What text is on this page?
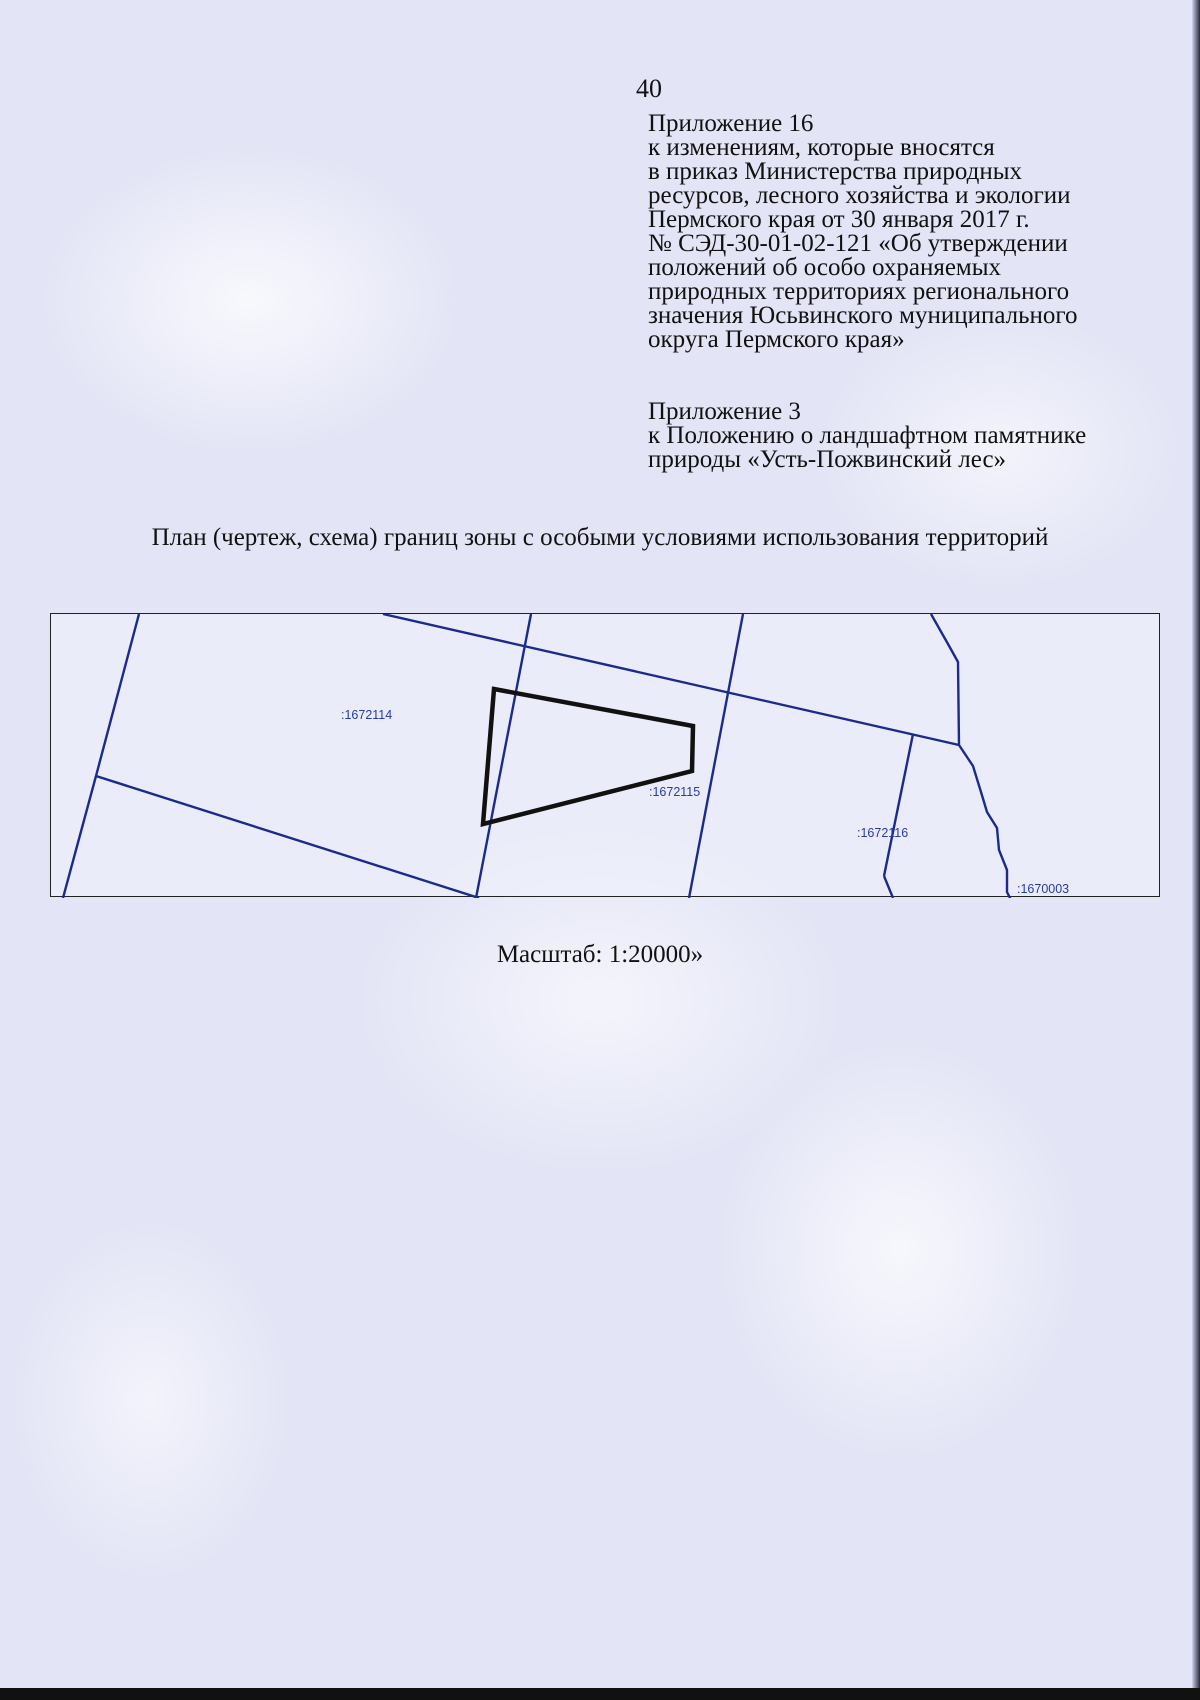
40
Приложение 16
к изменениям, которые вносятся
в приказ Министерства природных
ресурсов, лесного хозяйства и экологии
Пермского края от 30 января 2017 г.
№ СЭД-30-01-02-121 «Об утверждении
положений об особо охраняемых
природных территориях регионального
значения Юсьвинского муниципального
округа Пермского края»
Приложение 3
к Положению о ландшафтном памятнике
природы «Усть-Пожвинский лес»
План (чертеж, схема) границ зоны с особыми условиями использования территорий
:1672114
:1672115
:1672116
:1670003
Масштаб: 1:20000»
